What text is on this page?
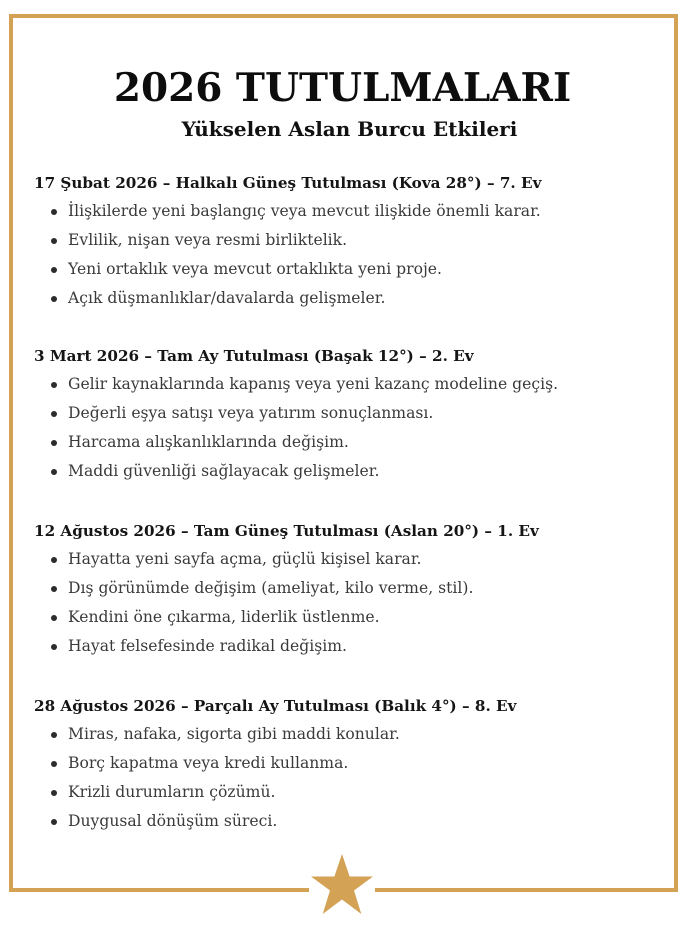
2026 TUTULMALARI
Yükselen Aslan Burcu Etkileri
17 Şubat 2026 – Halkalı Güneş Tutulması (Kova 28°) – 7. Ev
İlişkilerde yeni başlangıç veya mevcut ilişkide önemli karar.
Evlilik, nişan veya resmi birliktelik.
Yeni ortaklık veya mevcut ortaklıkta yeni proje.
Açık düşmanlıklar/davalarda gelişmeler.
3 Mart 2026 – Tam Ay Tutulması (Başak 12°) – 2. Ev
Gelir kaynaklarında kapanış veya yeni kazanç modeline geçiş.
Değerli eşya satışı veya yatırım sonuçlanması.
Harcama alışkanlıklarında değişim.
Maddi güvenliği sağlayacak gelişmeler.
12 Ağustos 2026 – Tam Güneş Tutulması (Aslan 20°) – 1. Ev
Hayatta yeni sayfa açma, güçlü kişisel karar.
Dış görünümde değişim (ameliyat, kilo verme, stil).
Kendini öne çıkarma, liderlik üstlenme.
Hayat felsefesinde radikal değişim.
28 Ağustos 2026 – Parçalı Ay Tutulması (Balık 4°) – 8. Ev
Miras, nafaka, sigorta gibi maddi konular.
Borç kapatma veya kredi kullanma.
Krizli durumların çözümü.
Duygusal dönüşüm süreci.
